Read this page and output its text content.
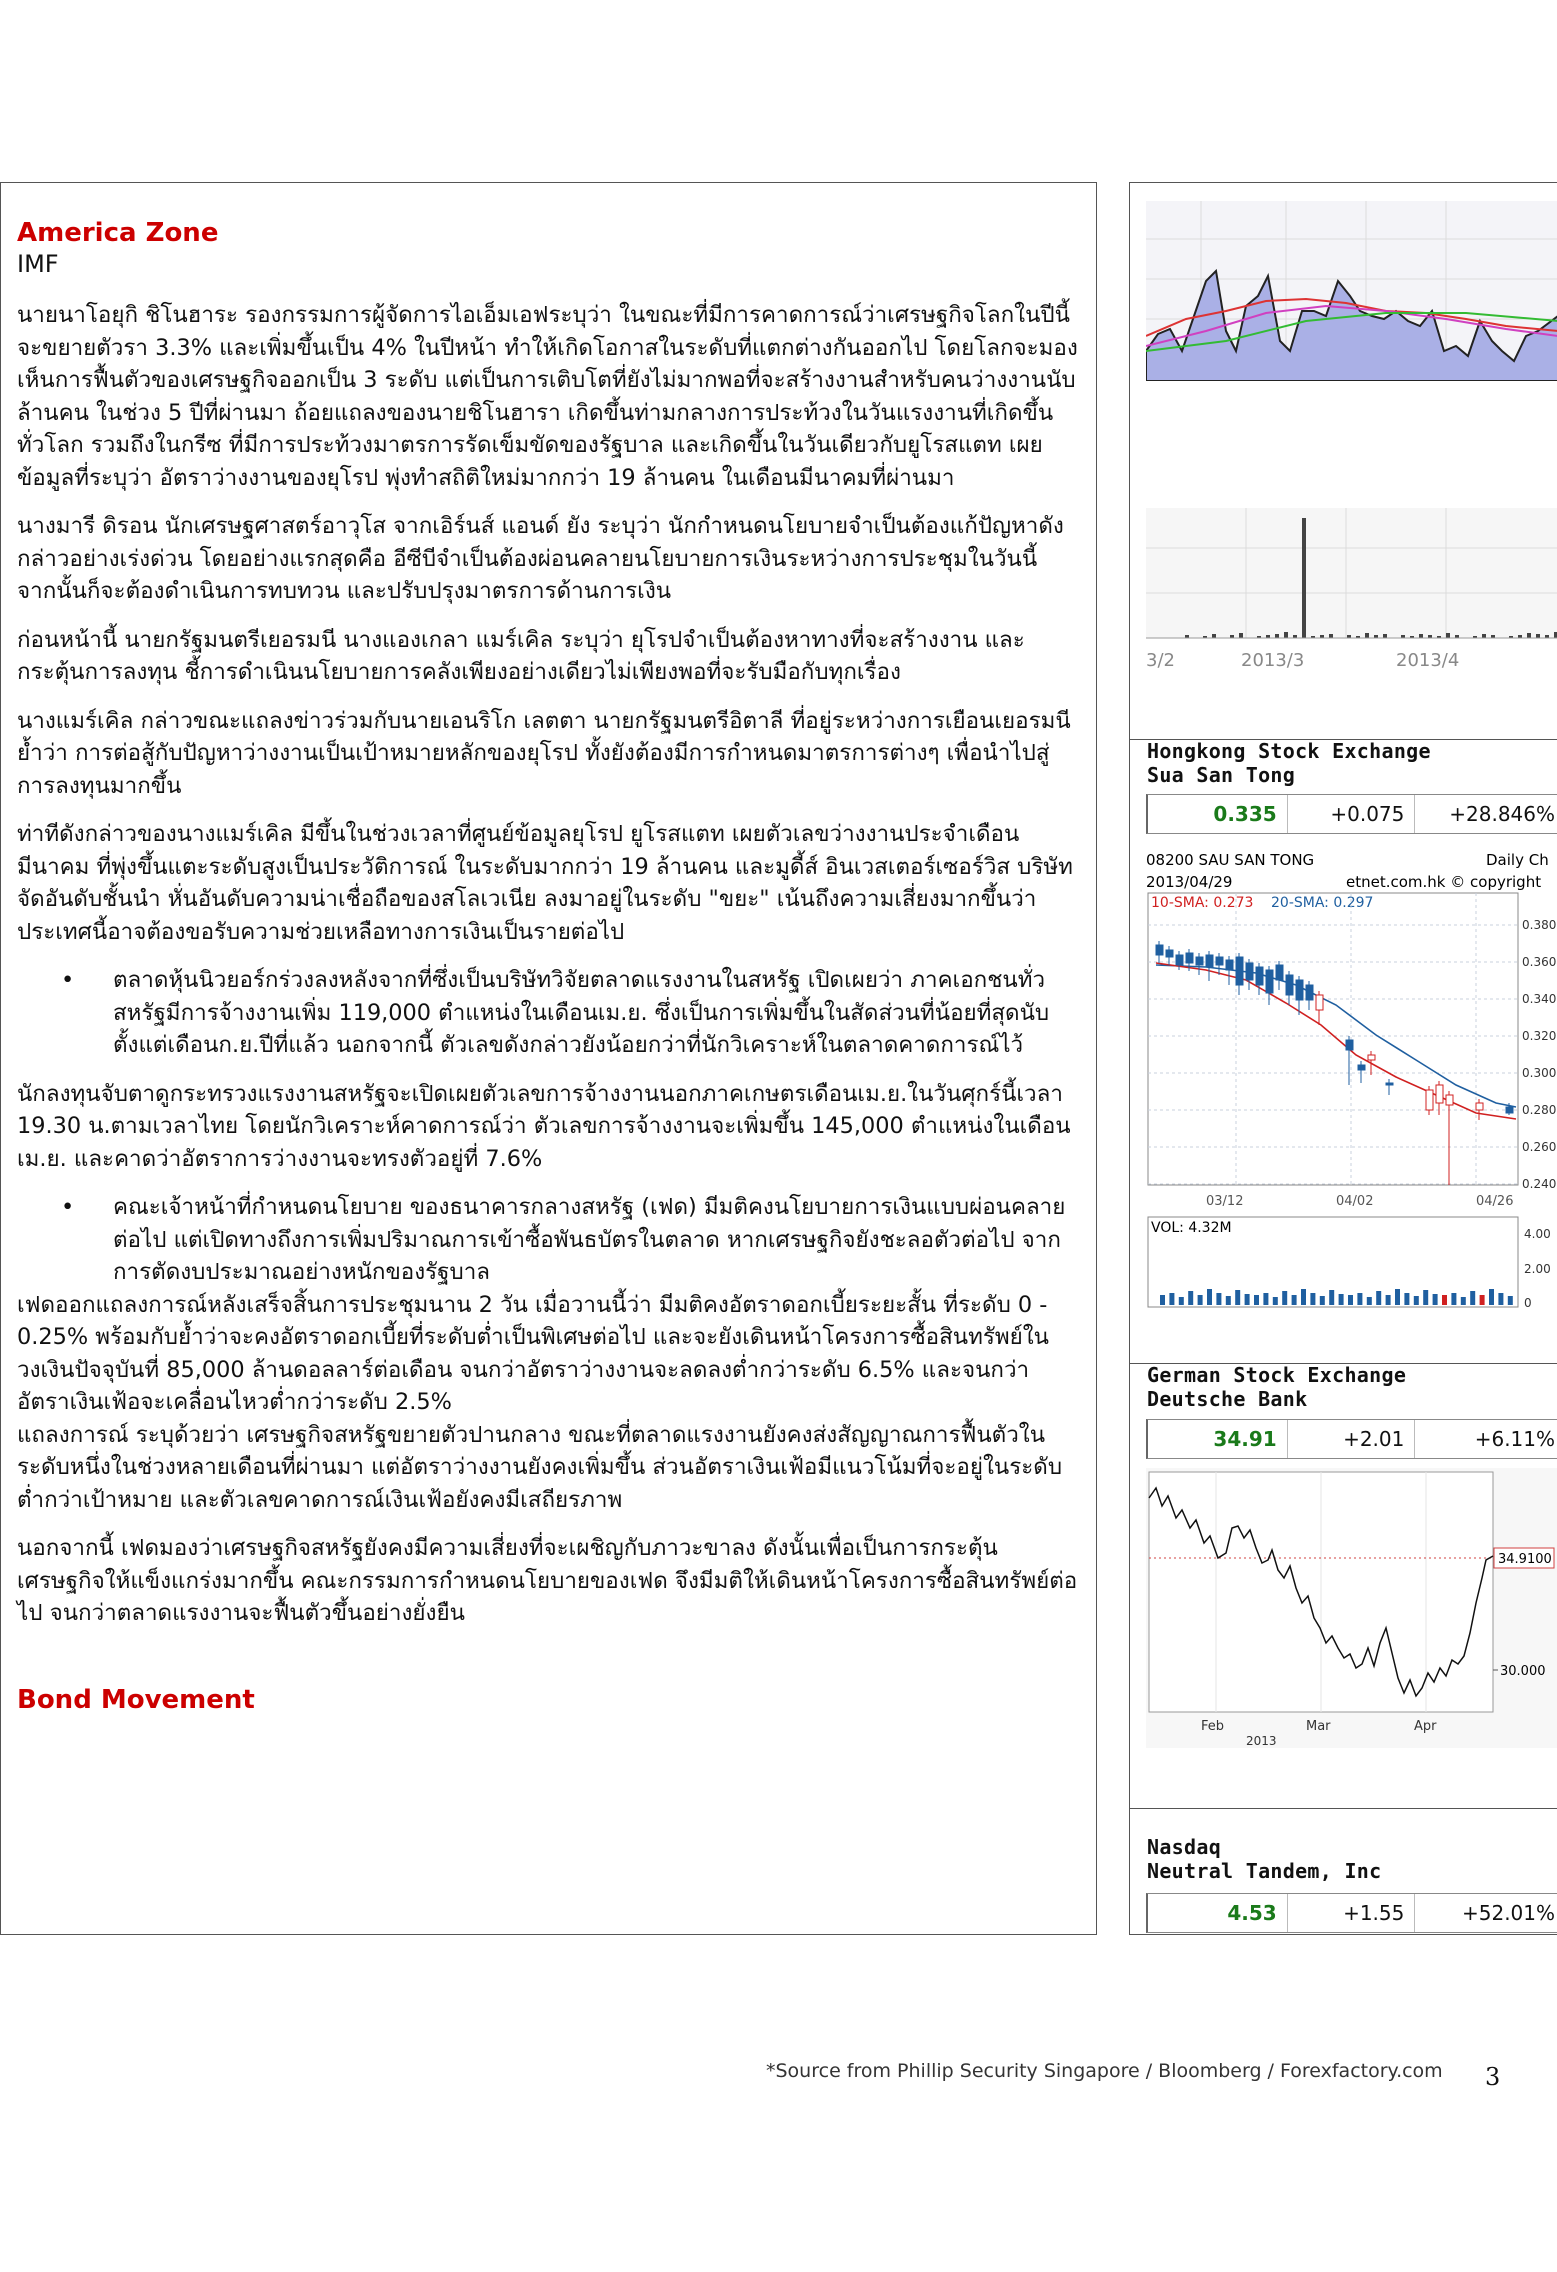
America Zone
IMF

นายนาโอยุกิ ชิโนฮาระ รองกรรมการผู้จัดการไอเอ็มเอฟระบุว่า ในขณะที่มีการคาดการณ์ว่าเศรษฐกิจโลกในปีนี้ จะขยายตัวรา 3.3% และเพิ่มขึ้นเป็น 4% ในปีหน้า ทำให้เกิดโอกาสในระดับที่แตกต่างกันออกไป โดยโลกจะมองเห็นการฟื้นตัวของเศรษฐกิจออกเป็น 3 ระดับ แต่เป็นการเติบโตที่ยังไม่มากพอที่จะสร้างงานสำหรับคนว่างงานนับล้านคน ในช่วง 5 ปีที่ผ่านมา ถ้อยแถลงของนายชิโนฮารา เกิดขึ้นท่ามกลางการประท้วงในวันแรงงานที่เกิดขึ้นทั่วโลก รวมถึงในกรีซ ที่มีการประท้วงมาตรการรัดเข็มขัดของรัฐบาล และเกิดขึ้นในวันเดียวกับยูโรสแตท เผยข้อมูลที่ระบุว่า อัตราว่างงานของยุโรป พุ่งทำสถิติใหม่มากกว่า 19 ล้านคน ในเดือนมีนาคมที่ผ่านมา

นางมารี ดิรอน นักเศรษฐศาสตร์อาวุโส จากเอิร์นส์ แอนด์ ยัง ระบุว่า นักกำหนดนโยบายจำเป็นต้องแก้ปัญหาดังกล่าวอย่างเร่งด่วน โดยอย่างแรกสุดคือ อีซีบีจำเป็นต้องผ่อนคลายนโยบายการเงินระหว่างการประชุมในวันนี้ จากนั้นก็จะต้องดำเนินการทบทวน และปรับปรุงมาตรการด้านการเงิน

ก่อนหน้านี้ นายกรัฐมนตรีเยอรมนี นางแองเกลา แมร์เคิล ระบุว่า ยุโรปจำเป็นต้องหาทางที่จะสร้างงาน และกระตุ้นการลงทุน ชี้การดำเนินนโยบายการคลังเพียงอย่างเดียวไม่เพียงพอที่จะรับมือกับทุกเรื่อง

นางแมร์เคิล กล่าวขณะแถลงข่าวร่วมกับนายเอนริโก เลตตา นายกรัฐมนตรีอิตาลี ที่อยู่ระหว่างการเยือนเยอรมนี ย้ำว่า การต่อสู้กับปัญหาว่างงานเป็นเป้าหมายหลักของยุโรป ทั้งยังต้องมีการกำหนดมาตรการต่างๆ เพื่อนำไปสู่การลงทุนมากขึ้น

ท่าทีดังกล่าวของนางแมร์เคิล มีขึ้นในช่วงเวลาที่ศูนย์ข้อมูลยุโรป ยูโรสแตท เผยตัวเลขว่างงานประจำเดือนมีนาคม ที่พุ่งขึ้นแตะระดับสูงเป็นประวัติการณ์ ในระดับมากกว่า 19 ล้านคน และมูดี้ส์ อินเวสเตอร์เซอร์วิส บริษัทจัดอันดับชั้นนำ หั่นอันดับความน่าเชื่อถือของสโลเวเนีย ลงมาอยู่ในระดับ "ขยะ" เน้นถึงความเสี่ยงมากขึ้นว่า ประเทศนี้อาจต้องขอรับความช่วยเหลือทางการเงินเป็นรายต่อไป

•
ตลาดหุ้นนิวยอร์กร่วงลงหลังจากที่ซึ่งเป็นบริษัทวิจัยตลาดแรงงานในสหรัฐ เปิดเผยว่า ภาคเอกชนทั่วสหรัฐมีการจ้างงานเพิ่ม 119,000 ตำแหน่งในเดือนเม.ย. ซึ่งเป็นการเพิ่มขึ้นในสัดส่วนที่น้อยที่สุดนับตั้งแต่เดือนก.ย.ปีที่แล้ว นอกจากนี้ ตัวเลขดังกล่าวยังน้อยกว่าที่นักวิเคราะห์ในตลาดคาดการณ์ไว้

นักลงทุนจับตาดูกระทรวงแรงงานสหรัฐจะเปิดเผยตัวเลขการจ้างงานนอกภาคเกษตรเดือนเม.ย.ในวันศุกร์นี้เวลา 19.30 น.ตามเวลาไทย โดยนักวิเคราะห์คาดการณ์ว่า ตัวเลขการจ้างงานจะเพิ่มขึ้น 145,000 ตำแหน่งในเดือนเม.ย. และคาดว่าอัตราการว่างงานจะทรงตัวอยู่ที่ 7.6%

•
คณะเจ้าหน้าที่กำหนดนโยบาย ของธนาคารกลางสหรัฐ (เฟด) มีมติคงนโยบายการเงินแบบผ่อนคลายต่อไป แต่เปิดทางถึงการเพิ่มปริมาณการเข้าซื้อพันธบัตรในตลาด หากเศรษฐกิจยังชะลอตัวต่อไป จากการตัดงบประมาณอย่างหนักของรัฐบาล

เฟดออกแถลงการณ์หลังเสร็จสิ้นการประชุมนาน 2 วัน เมื่อวานนี้ว่า มีมติคงอัตราดอกเบี้ยระยะสั้น ที่ระดับ 0 - 0.25% พร้อมกับย้ำว่าจะคงอัตราดอกเบี้ยที่ระดับต่ำเป็นพิเศษต่อไป และจะยังเดินหน้าโครงการซื้อสินทรัพย์ในวงเงินปัจจุบันที่ 85,000 ล้านดอลลาร์ต่อเดือน จนกว่าอัตราว่างงานจะลดลงต่ำกว่าระดับ 6.5% และจนกว่าอัตราเงินเฟ้อจะเคลื่อนไหวต่ำกว่าระดับ 2.5%

แถลงการณ์ ระบุด้วยว่า เศรษฐกิจสหรัฐขยายตัวปานกลาง ขณะที่ตลาดแรงงานยังคงส่งสัญญาณการฟื้นตัวในระดับหนึ่งในช่วงหลายเดือนที่ผ่านมา แต่อัตราว่างงานยังคงเพิ่มขึ้น ส่วนอัตราเงินเฟ้อมีแนวโน้มที่จะอยู่ในระดับต่ำกว่าเป้าหมาย และตัวเลขคาดการณ์เงินเฟ้อยังคงมีเสถียรภาพ

นอกจากนี้ เฟดมองว่าเศรษฐกิจสหรัฐยังคงมีความเสี่ยงที่จะเผชิญกับภาวะขาลง ดังนั้นเพื่อเป็นการกระตุ้นเศรษฐกิจให้แข็งแกร่งมากขึ้น คณะกรรมการกำหนดนโยบายของเฟด จึงมีมติให้เดินหน้าโครงการซื้อสินทรัพย์ต่อไป จนกว่าตลาดแรงงานจะฟื้นตัวขึ้นอย่างยั่งยืน

Bond Movement
3/2	2013/3	2013/4
Hongkong Stock Exchange
Sua San Tong
0.335	+0.075	+28.846%
08200 SAU SAN TONG	Daily Ch
2013/04/29	etnet.com.hk © copyright
10-SMA: 0.273 20-SMA: 0.297
0.380
0.360
0.340
0.320
0.300
0.280
0.260
0.240
03/12	04/02	04/26
VOL: 4.32M	4.00
2.00
0
German Stock Exchange
Deutsche Bank
34.91	+2.01	+6.11%
34.9100
30.000
Feb	Mar	Apr
2013
Nasdaq
Neutral Tandem, Inc
4.53	+1.55	+52.01%
*Source from Phillip Security Singapore / Bloomberg / Forexfactory.com 3
